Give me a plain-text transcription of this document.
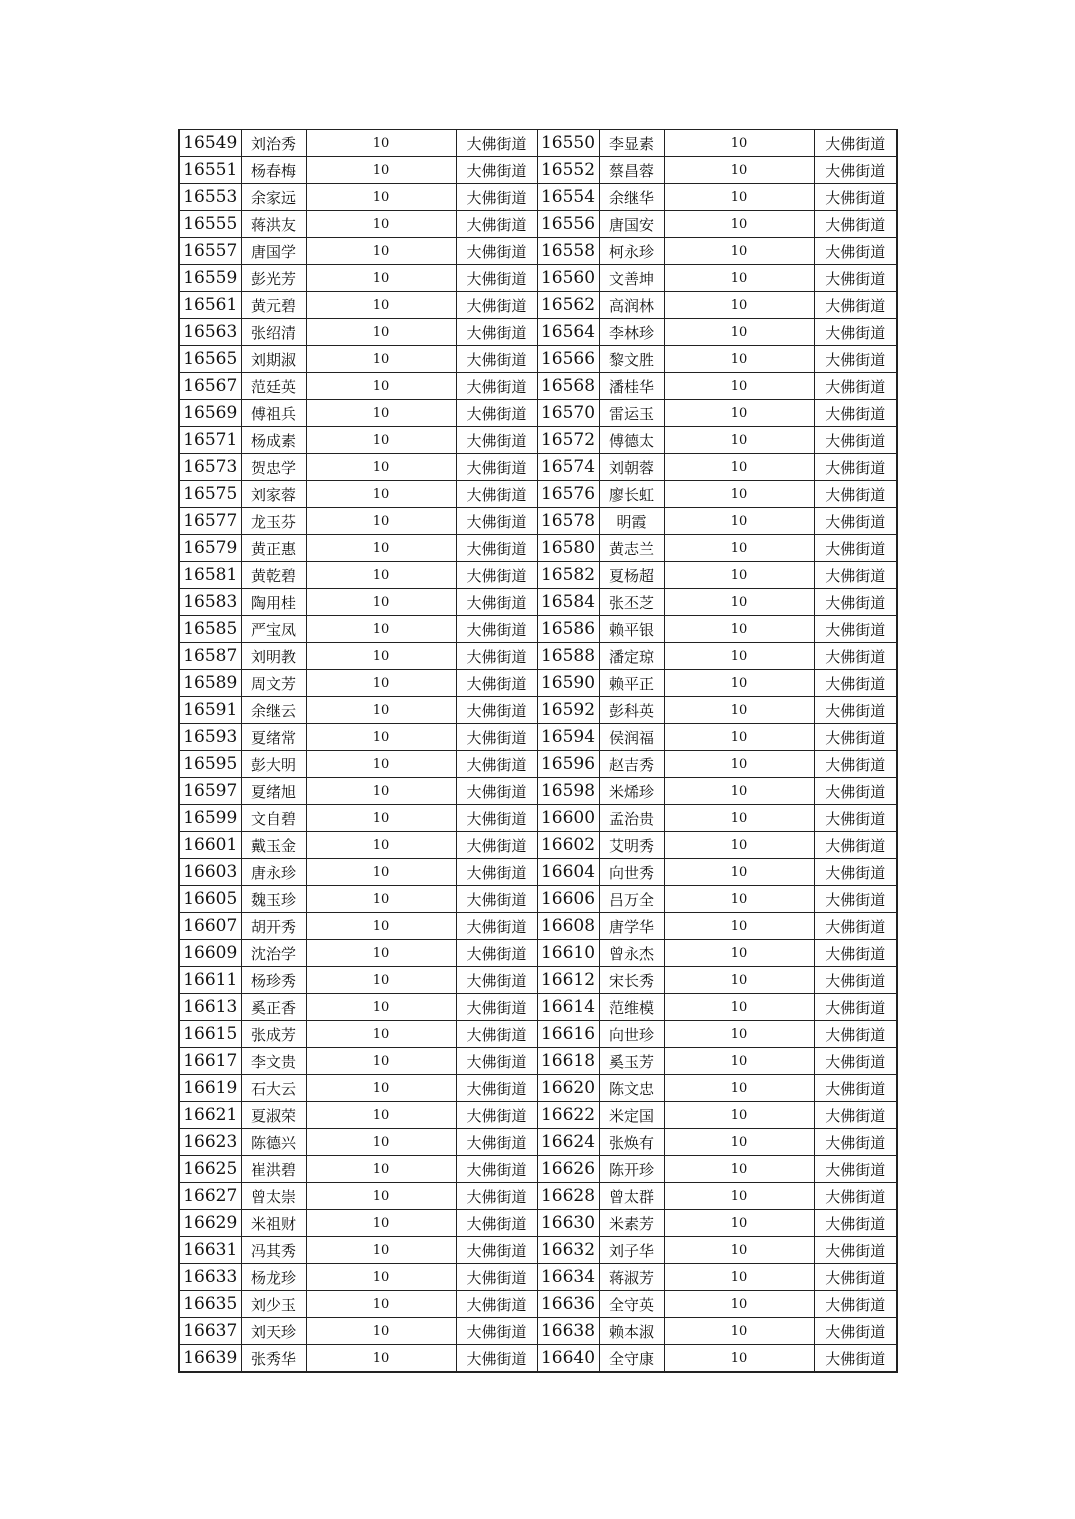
16549	刘治秀	10	大佛街道	16550	李显素	10	大佛街道
16551	杨春梅	10	大佛街道	16552	蔡昌蓉	10	大佛街道
16553	余家远	10	大佛街道	16554	余继华	10	大佛街道
16555	蒋洪友	10	大佛街道	16556	唐国安	10	大佛街道
16557	唐国学	10	大佛街道	16558	柯永珍	10	大佛街道
16559	彭光芳	10	大佛街道	16560	文善坤	10	大佛街道
16561	黄元碧	10	大佛街道	16562	高润林	10	大佛街道
16563	张绍清	10	大佛街道	16564	李林珍	10	大佛街道
16565	刘期淑	10	大佛街道	16566	黎文胜	10	大佛街道
16567	范廷英	10	大佛街道	16568	潘桂华	10	大佛街道
16569	傅祖兵	10	大佛街道	16570	雷运玉	10	大佛街道
16571	杨成素	10	大佛街道	16572	傅德太	10	大佛街道
16573	贺忠学	10	大佛街道	16574	刘朝蓉	10	大佛街道
16575	刘家蓉	10	大佛街道	16576	廖长虹	10	大佛街道
16577	龙玉芬	10	大佛街道	16578	明霞	10	大佛街道
16579	黄正惠	10	大佛街道	16580	黄志兰	10	大佛街道
16581	黄乾碧	10	大佛街道	16582	夏杨超	10	大佛街道
16583	陶用桂	10	大佛街道	16584	张丕芝	10	大佛街道
16585	严宝凤	10	大佛街道	16586	赖平银	10	大佛街道
16587	刘明教	10	大佛街道	16588	潘定琼	10	大佛街道
16589	周文芳	10	大佛街道	16590	赖平正	10	大佛街道
16591	余继云	10	大佛街道	16592	彭科英	10	大佛街道
16593	夏绪常	10	大佛街道	16594	侯润福	10	大佛街道
16595	彭大明	10	大佛街道	16596	赵吉秀	10	大佛街道
16597	夏绪旭	10	大佛街道	16598	米烯珍	10	大佛街道
16599	文自碧	10	大佛街道	16600	孟治贵	10	大佛街道
16601	戴玉金	10	大佛街道	16602	艾明秀	10	大佛街道
16603	唐永珍	10	大佛街道	16604	向世秀	10	大佛街道
16605	魏玉珍	10	大佛街道	16606	吕万全	10	大佛街道
16607	胡开秀	10	大佛街道	16608	唐学华	10	大佛街道
16609	沈治学	10	大佛街道	16610	曾永杰	10	大佛街道
16611	杨珍秀	10	大佛街道	16612	宋长秀	10	大佛街道
16613	奚正香	10	大佛街道	16614	范维模	10	大佛街道
16615	张成芳	10	大佛街道	16616	向世珍	10	大佛街道
16617	李文贵	10	大佛街道	16618	奚玉芳	10	大佛街道
16619	石大云	10	大佛街道	16620	陈文忠	10	大佛街道
16621	夏淑荣	10	大佛街道	16622	米定国	10	大佛街道
16623	陈德兴	10	大佛街道	16624	张焕有	10	大佛街道
16625	崔洪碧	10	大佛街道	16626	陈开珍	10	大佛街道
16627	曾太崇	10	大佛街道	16628	曾太群	10	大佛街道
16629	米祖财	10	大佛街道	16630	米素芳	10	大佛街道
16631	冯其秀	10	大佛街道	16632	刘子华	10	大佛街道
16633	杨龙珍	10	大佛街道	16634	蒋淑芳	10	大佛街道
16635	刘少玉	10	大佛街道	16636	全守英	10	大佛街道
16637	刘天珍	10	大佛街道	16638	赖本淑	10	大佛街道
16639	张秀华	10	大佛街道	16640	全守康	10	大佛街道
